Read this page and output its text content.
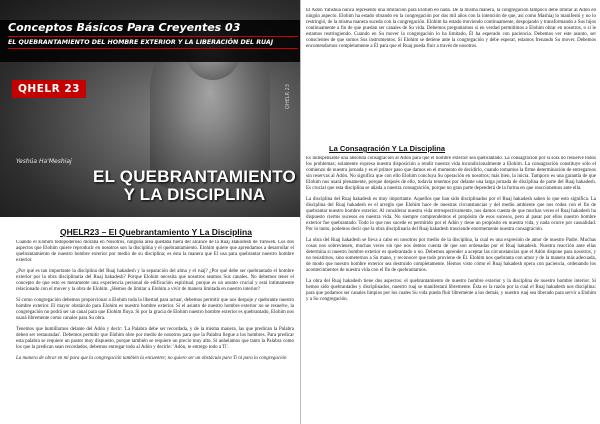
Conceptos Básicos Para Creyentes 03
EL QUEBRANTAMIENTO DEL HOMBRE EXTERIOR Y LA LIBERACIÓN DEL RUAJ
QHELR 23
Yeshúa Ha'Meshiaj
QHELR 23
EL QUEBRANTAMIENTO
Y LA DISCIPLINA
QHELR23 – El Quebrantamiento Y La Disciplina

Cuando el Elohim todopoderoso moraba en Nosotros, ninguna área quedaba fuera del alcance de la Ruaj Hakodesh de Yahweh. Los dos aspectos que Elohim quiere reproducir en nosotros son la disciplina y el quebrantamiento. Elohim quiere que aprendamos a desarrollar el quebrantamiento de nuestro hombre exterior por medio de su disciplina; es ésta la manera que El usa para quebrantar nuestro hombre exterior.

¿Por qué es tan importante la disciplina del Ruaj hakadesh y la separación del alma y el ruaj? ¿Por qué debe ser quebrantado el hombre exterior por la obra disciplinaria del Ruaj hakadesh? Porque Elohim necesita que nosotros seamos Sus canales. No debemos tener el concepto de que esto es meramente una experiencia personal de edificación espiritual, porque es un asunto crucial y está íntimamente relacionado con el mover y la obra de Elohim. ¿Hemos de limitar a Elohim a vivir de manera limitada en nuestro interior?

Si como congregación debemos proporcionar a Elohim toda la libertad para actuar, debemos permitir que nos despoje y quebrante nuestro hombre exterior. El mayor obstáculo para Elohim es nuestro hombre exterior. Si el asunto de nuestro hombre exterior no se resuelve, la congregación no podrá ser un canal para que Elohim fluya. Si por la gracia de Elohim nuestro hombre exterior es quebrantado, Elohim nos usará libremente como canales para Su obra.

Tenemos que humillarnos delante del Adón y decir: 'La Palabra debe ser recordada, y de la misma manera, las que predican la Palabra deben ser restauradas'. Debemos permitir que Elohim obre por medio de nosotros para que la Palabra llegue a los hombres. Para predicar esta palabra se requiere un pastor muy dispuesto, porque también se requiere un precio muy alto. Sí anhelamos que tanto la Palabra como los que la predican sean recordados, debemos entregar todo al Adón y decirle: 'Adón, te entrego todo a Ti'.

La manera de obrar en mí para que la congregación también la encuentre; no quiero ser un obstáculo para Ti ni para la congregación

El Adón Yahshua nunca representó una limitación para Elohim en nada. De la misma manera, la congregación tampoco debe limitar al Adón en ningún aspecto. Elohim ha estado obrando en la congregación por dos mil años con la intención de que, así como Mashiaj lo manifestó y no lo restringió, de la misma manera suceda con la congregación. Elohim ha estado moviendo continuamente, despojando y transformando a Sus hijos continuamente a fin de que puedan ser canales de Su vida. Debemos preguntarnos si en verdad permitimos a Elohim obrar en nosotros, o si le estamos restringiendo. Cuando en Su mover la congregación lo ha limitado, Él ha esperado con paciencia. Debemos ver este asunto, ser conscientes de que somos Sus instrumentos. Si Elohim se detiene ante la congregación y debe esperar, estamos frenando Su mover. Debemos encomendarnos completamente a Él para que el Ruaj pueda fluir a través de nosotros.

La Consagración Y La Disciplina

Es indispensable una absoluta consagración al Adón para que el hombre exterior sea quebrantado. La consagración por sí sola no resuelve todos los problemas; solamente expresa nuestra disposición a rendir nuestra vida incondicionalmente a Elohim. La consagración constituye sólo el comienzo de nuestra jornada y es el primer paso que damos en el momento de decidirlo, cuando tomamos la firme determinación de entregarnos sin reservas al Adón. No significa que con ello Elohim concluya Su operación en nosotros; más bien, la inicia. Tampoco es una garantía de que Elohim nos usará plenamente, porque después de ello, todavía tenemos por delante una larga jornada de disciplina de parte del Ruaj hakadesh. Es crucial que esta disciplina se añada a nuestra consagración, porque no gran parte dependerá de la forma en que reaccionemos ante ella.

La disciplina del Ruaj hakadesh es muy importante. Aquellos que han sido disciplinados por el Ruaj hakadesh saben lo que esto significa. La disciplina del Ruaj hakadesh es el arreglo que Elohim hace de nuestras circunstancias y del medio ambiente que nos rodea con el fin de quebrantar nuestro hombre exterior. Al considerar nuestra vida retrospectivamente, nos damos cuenta de que muchas veces el Ruaj hakadesh ha dispuesto ciertos sucesos en nuestra vida. No siempre comprendemos el propósito de esos sucesos, pero al pasar por ellos nuestro hombre exterior fue quebrantado. Todo lo que nos sucede es permitido por el Adón y tiene un propósito en nuestra vida, y nada ocurre por casualidad. Por lo tanto, podemos decir que la obra disciplinaria del Ruaj hakadesh trasciende enormemente nuestra consagración.

La obra del Ruaj hakadesh se lleva a cabo en nosotros por medio de la disciplina, la cual es una expresión de amor de nuestro Padre. Muchas cosas nos sobrevienen, muchas veces sin que nos demos cuenta de que son ordenadas por el Ruaj hakadesh. Nuestra reacción ante ellas determina si nuestro hombre exterior es quebrantado o no. Debemos aprender a aceptar las circunstancias que el Adón dispone para nosotros, y no resistirnos, sino someternos a Su mano, y reconocer que todo proviene de Él. Elohim nos quebranta con amor y de la manera más adecuada, de modo que nuestro hombre exterior sea destruido completamente. Hemos visto cómo el Ruaj hakadesh opera con paciencia, ordenando los acontecimientos de nuestra vida con el fin de quebrantarnos.

La obra del Ruaj hakadesh tiene dos aspectos: el quebrantamiento de nuestro hombre exterior y la disciplina de nuestro hombre interior. Si hemos sido quebrantados y disciplinados, nuestro ruaj se manifestará libremente. Ésta es la razón por la cual el Ruaj hakadesh nos disciplina: para que podamos ser canales limpios por los cuales Su vida pueda fluir libremente a los demás, y nuestro ruaj sea liberado para servir a Elohim y a Su congregación.
